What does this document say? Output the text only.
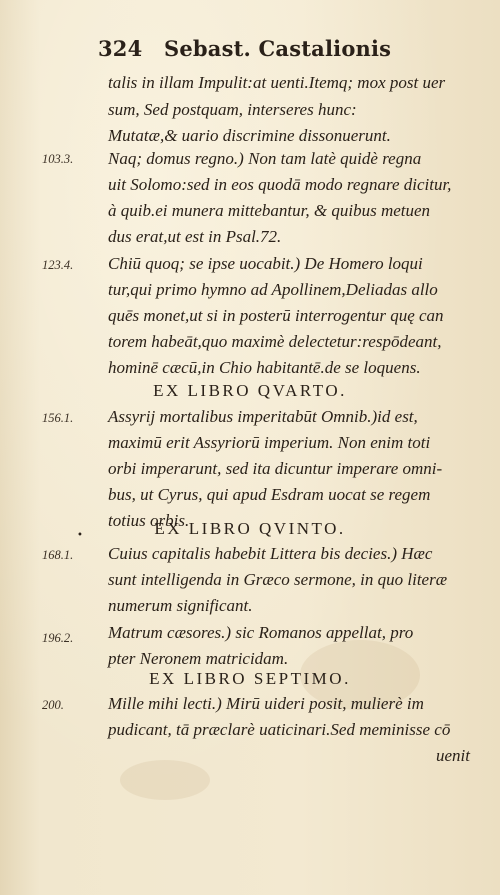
324 Sebast. Castalionis
•
talis in illam Impulit:at uenti.Itemq; mox post uer
sum, Sed postquam, interseres hunc:
Mutatæ,& uario discrimine dissonuerunt.
103.3. Naq; domus regno.) Non tam latè quidè regna
uit Solomo:sed in eos quodā modo regnare dicitur,
à quib.ei munera mittebantur, & quibus metuen
dus erat,ut est in Psal.72.
123.4. Chiū quoq; se ipse uocabit.) De Homero loqui
tur,qui primo hymno ad Apollinem,Deliadas allo
quēs monet,ut si in posterū interrogentur quę can
torem habeāt,quo maximè delectetur:respōdeant,
hominē cæcū,in Chio habitantē.de se loquens.
EX LIBRO QVARTO.
156.1. Assyrij mortalibus imperitabūt Omnib.)id est,
maximū erit Assyriorū imperium. Non enim toti
orbi imperarunt, sed ita dicuntur imperare omni-
bus, ut Cyrus, qui apud Esdram uocat se regem
totius orbis.
EX LIBRO QVINTO.
168.1. Cuius capitalis habebit Littera bis decies.) Hæc
sunt intelligenda in Græco sermone, in quo literæ
numerum significant.
196.2. Matrum cæsores.) sic Romanos appellat, pro
pter Neronem matricidam.
EX LIBRO SEPTIMO.
200.	Mille mihi lecti.) Mirū uideri posit, mulierè im
pudicant, tā præclarè uaticinari.Sed meminisse cō
uenit
